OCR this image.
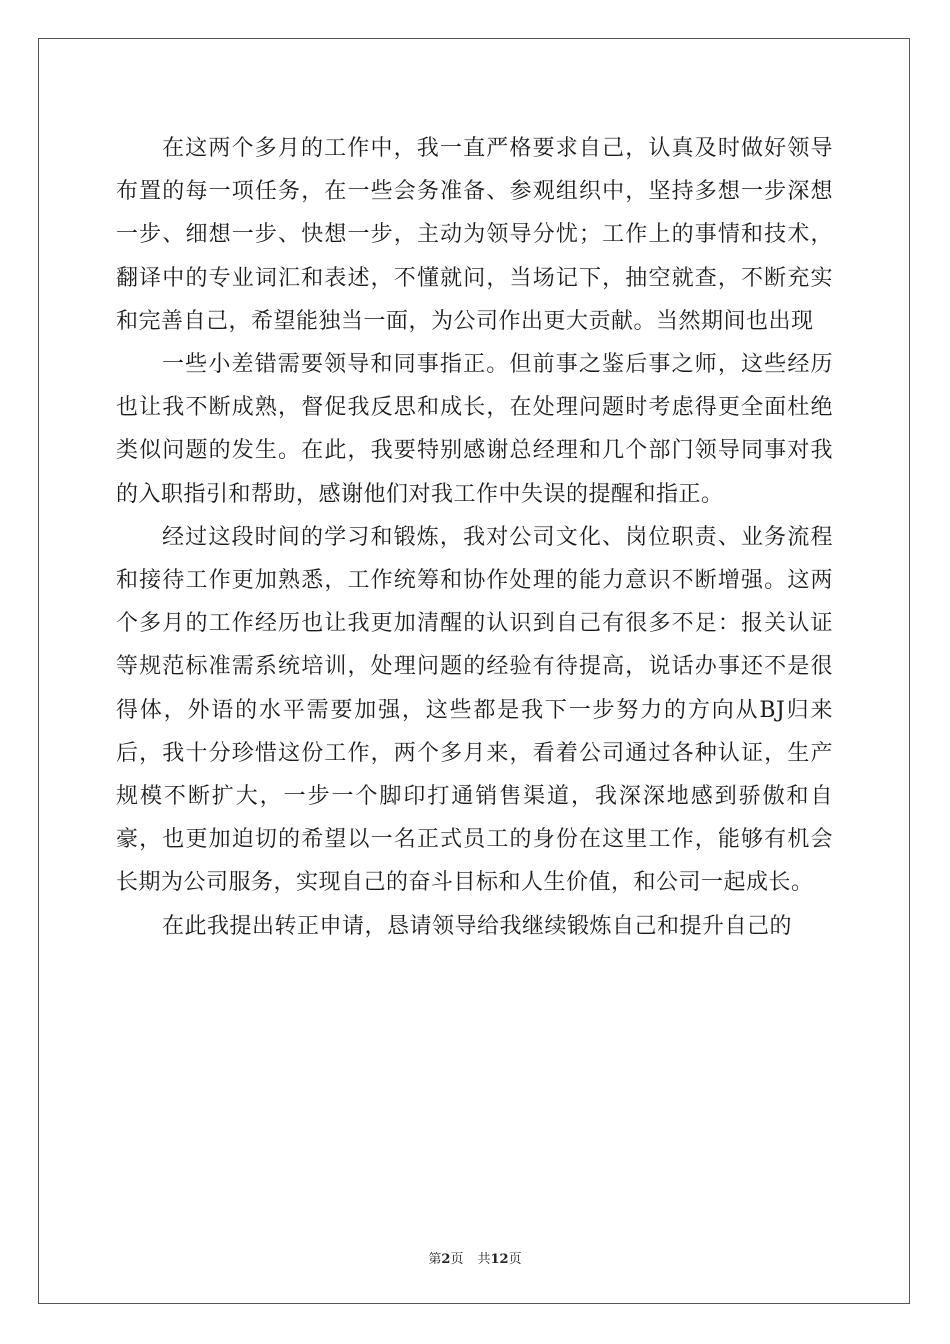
在这两个多月的工作中，我一直严格要求自己，认真及时做好领导布置的每一项任务，在一些会务准备、参观组织中，坚持多想一步深想一步、细想一步、快想一步，主动为领导分忧；工作上的事情和技术，翻译中的专业词汇和表述，不懂就问，当场记下，抽空就查，不断充实和完善自己，希望能独当一面，为公司作出更大贡献。当然期间也出现

一些小差错需要领导和同事指正。但前事之鉴后事之师，这些经历也让我不断成熟，督促我反思和成长，在处理问题时考虑得更全面杜绝类似问题的发生。在此，我要特别感谢总经理和几个部门领导同事对我的入职指引和帮助，感谢他们对我工作中失误的提醒和指正。

经过这段时间的学习和锻炼，我对公司文化、岗位职责、业务流程和接待工作更加熟悉，工作统筹和协作处理的能力意识不断增强。这两个多月的工作经历也让我更加清醒的认识到自己有很多不足：报关认证等规范标准需系统培训，处理问题的经验有待提高，说话办事还不是很得体，外语的水平需要加强，这些都是我下一步努力的方向从BJ归来后，我十分珍惜这份工作，两个多月来，看着公司通过各种认证，生产规模不断扩大，一步一个脚印打通销售渠道，我深深地感到骄傲和自豪，也更加迫切的希望以一名正式员工的身份在这里工作，能够有机会长期为公司服务，实现自己的奋斗目标和人生价值，和公司一起成长。

在此我提出转正申请，恳请领导给我继续锻炼自己和提升自己的

第2页 共12页
